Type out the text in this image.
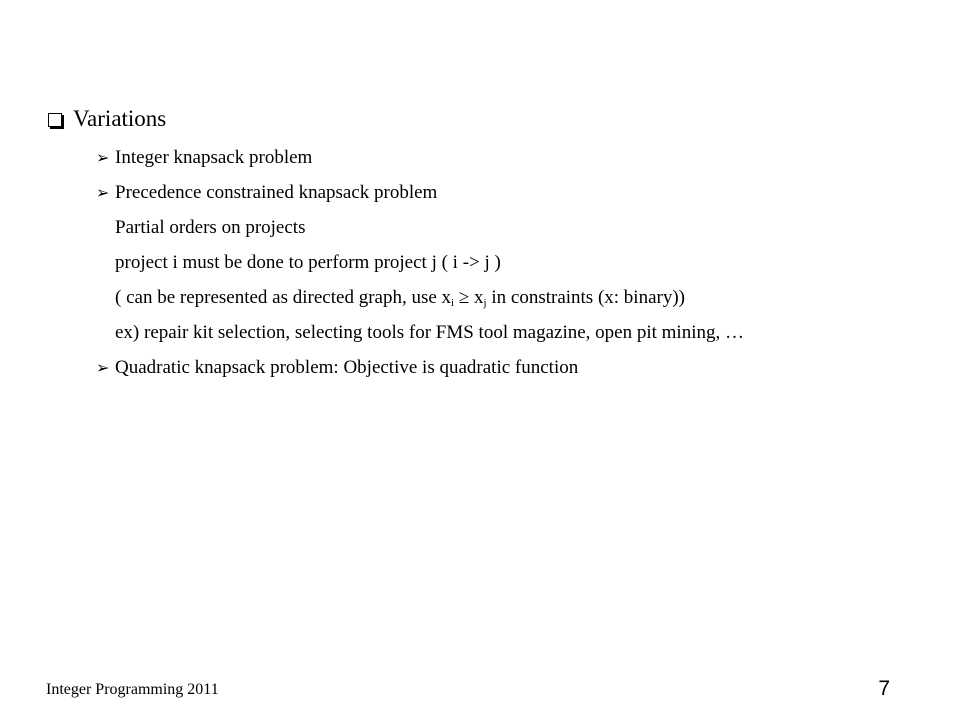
Variations
➢ Integer knapsack problem
➢ Precedence constrained knapsack problem
Partial orders on projects
project i must be done to perform project j ( i -> j )
( can be represented as directed graph, use $x_i \ge x_j$ in constraints (x: binary))
ex) repair kit selection, selecting tools for FMS tool magazine, open pit mining, …
➢ Quadratic knapsack problem: Objective is quadratic function
Integer Programming 2011	7
